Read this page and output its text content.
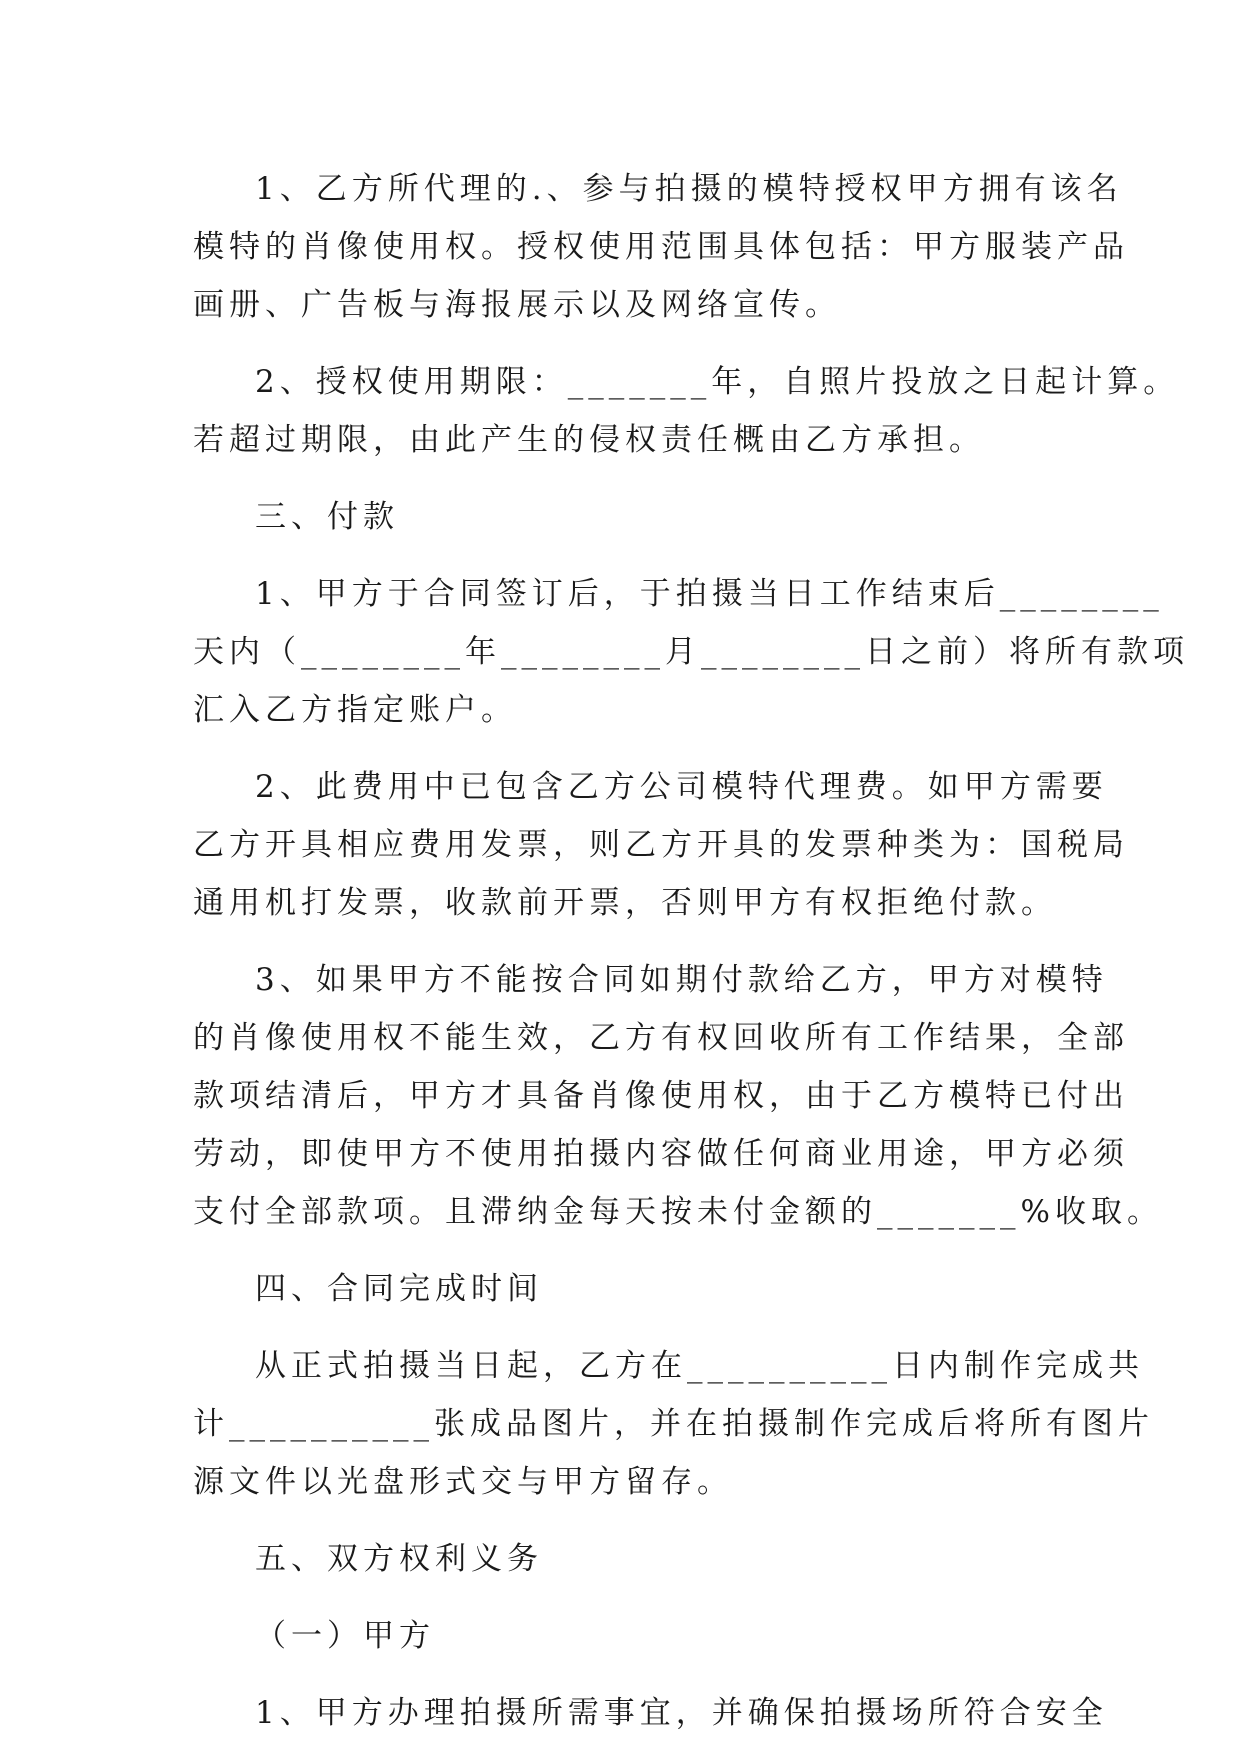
1、乙方所代理的.、参与拍摄的模特授权甲方拥有该名
模特的肖像使用权。授权使用范围具体包括：甲方服装产品
画册、广告板与海报展示以及网络宣传。

2、授权使用期限：_______年，自照片投放之日起计算。
若超过期限，由此产生的侵权责任概由乙方承担。

三、付款

1、甲方于合同签订后，于拍摄当日工作结束后________
天内（________年________月________日之前）将所有款项
汇入乙方指定账户。

2、此费用中已包含乙方公司模特代理费。如甲方需要
乙方开具相应费用发票，则乙方开具的发票种类为：国税局
通用机打发票，收款前开票，否则甲方有权拒绝付款。

3、如果甲方不能按合同如期付款给乙方，甲方对模特
的肖像使用权不能生效，乙方有权回收所有工作结果，全部
款项结清后，甲方才具备肖像使用权，由于乙方模特已付出
劳动，即使甲方不使用拍摄内容做任何商业用途，甲方必须
支付全部款项。且滞纳金每天按未付金额的_______%收取。

四、合同完成时间

从正式拍摄当日起，乙方在__________日内制作完成共
计__________张成品图片，并在拍摄制作完成后将所有图片
源文件以光盘形式交与甲方留存。

五、双方权利义务

（一）甲方

1、甲方办理拍摄所需事宜，并确保拍摄场所符合安全
